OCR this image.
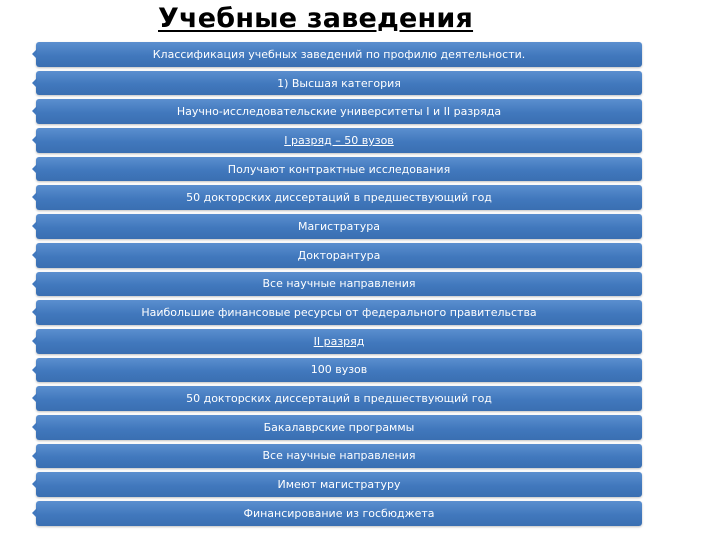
Учебные заведения
Классификация учебных заведений по профилю деятельности.
1) Высшая категория
Научно-исследовательские университеты I и II разряда
I разряд – 50 вузов
Получают контрактные исследования
50 докторских диссертаций в предшествующий год
Магистратура
Докторантура
Все научные направления
Наибольшие финансовые ресурсы от федерального правительства
II разряд
100 вузов
50 докторских диссертаций в предшествующий год
Бакалаврские программы
Все научные направления
Имеют магистратуру
Финансирование из госбюджета
